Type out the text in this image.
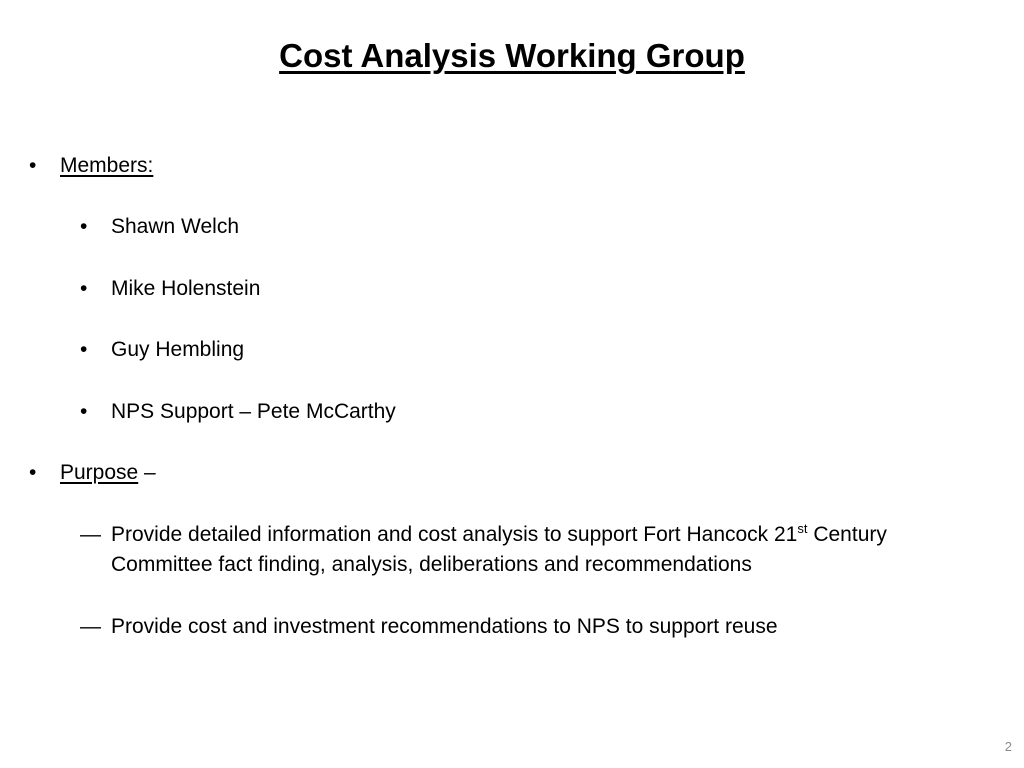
Cost Analysis Working Group
• Members:
• Shawn Welch
• Mike Holenstein
• Guy Hembling
• NPS Support – Pete McCarthy
• Purpose –
— Provide detailed information and cost analysis to support Fort Hancock 21st Century
Committee fact finding, analysis, deliberations and recommendations
— Provide cost and investment recommendations to NPS to support reuse
2
